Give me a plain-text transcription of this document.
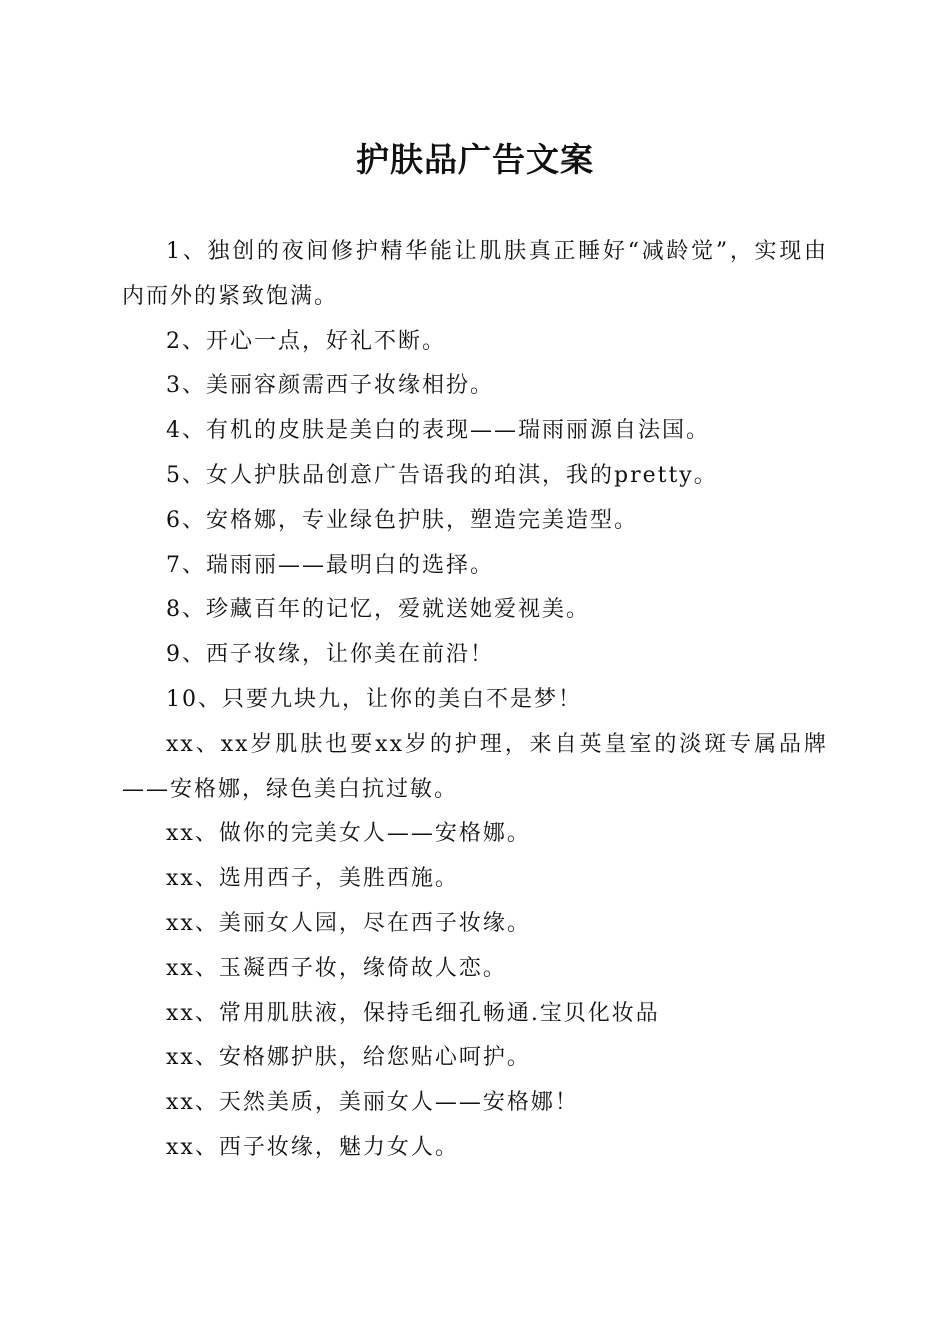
护肤品广告文案

1、独创的夜间修护精华能让肌肤真正睡好“减龄觉”，实现由内而外的紧致饱满。

2、开心一点，好礼不断。

3、美丽容颜需西子妆缘相扮。

4、有机的皮肤是美白的表现——瑞雨丽源自法国。

5、女人护肤品创意广告语我的珀淇，我的pretty。

6、安格娜，专业绿色护肤，塑造完美造型。

7、瑞雨丽——最明白的选择。

8、珍藏百年的记忆，爱就送她爱视美。

9、西子妆缘，让你美在前沿！

10、只要九块九，让你的美白不是梦！

xx、xx岁肌肤也要xx岁的护理，来自英皇室的淡斑专属品牌——安格娜，绿色美白抗过敏。

xx、做你的完美女人——安格娜。

xx、选用西子，美胜西施。

xx、美丽女人园，尽在西子妆缘。

xx、玉凝西子妆，缘倚故人恋。

xx、常用肌肤液，保持毛细孔畅通.宝贝化妆品

xx、安格娜护肤，给您贴心呵护。

xx、天然美质，美丽女人——安格娜！

xx、西子妆缘，魅力女人。
